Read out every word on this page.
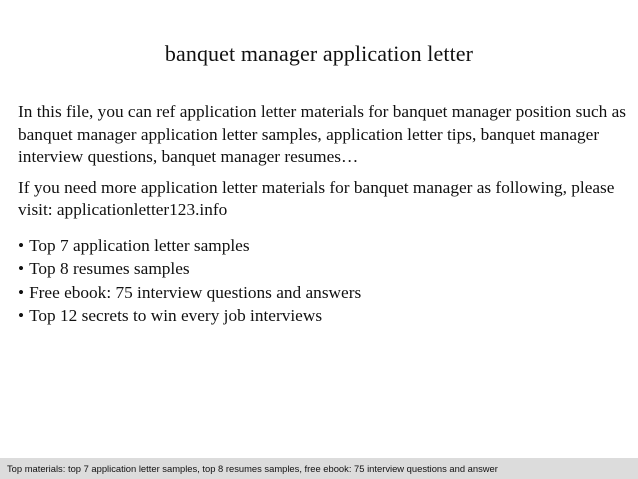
banquet manager application letter

In this file, you can ref application letter materials for banquet manager position such as banquet manager application letter samples, application letter tips, banquet manager interview questions, banquet manager resumes…

If you need more application letter materials for banquet manager as following, please visit: applicationletter123.info

• Top 7 application letter samples
• Top 8 resumes samples
• Free ebook: 75 interview questions and answers
• Top 12 secrets to win every job interviews
Top materials: top 7 application letter samples, top 8 resumes samples, free ebook: 75 interview questions and answer
